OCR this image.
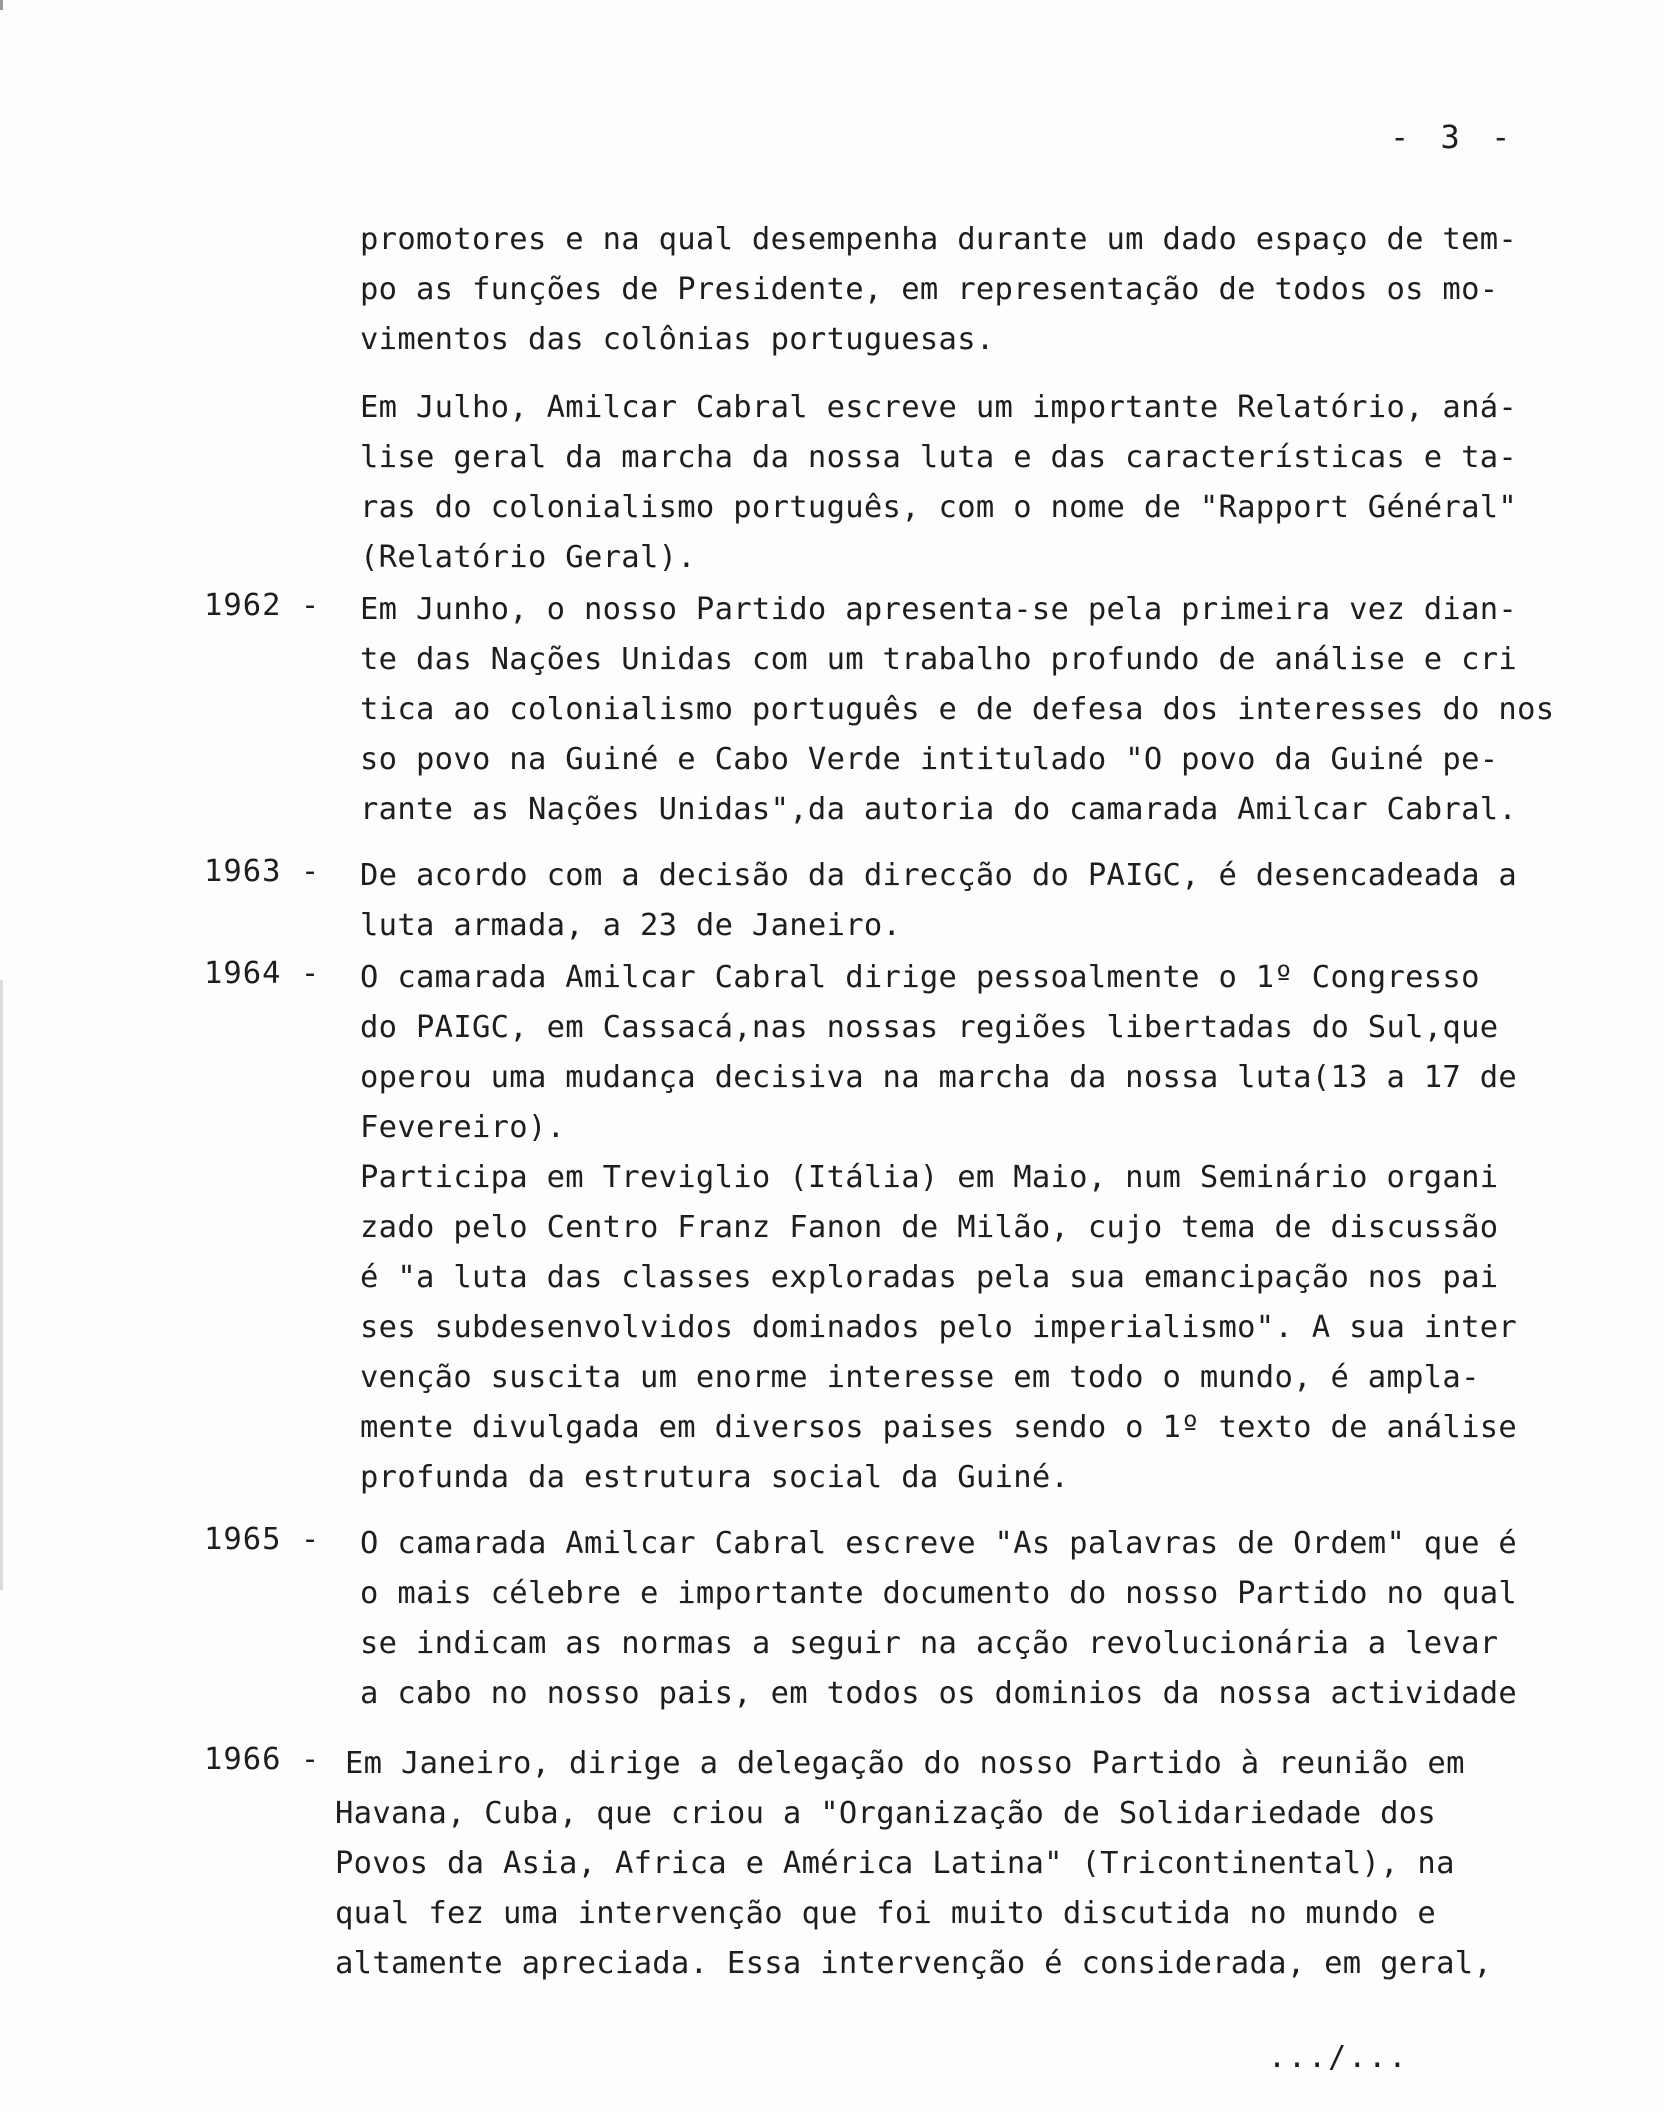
- 3 -
promotores e na qual desempenha durante um dado espaço de tem-
po as funções de Presidente, em representação de todos os mo-
vimentos das colônias portuguesas.
Em Julho, Amilcar Cabral escreve um importante Relatório, aná-
lise geral da marcha da nossa luta e das características e ta-
ras do colonialismo português, com o nome de "Rapport Général"
(Relatório Geral).
1962 - Em Junho, o nosso Partido apresenta-se pela primeira vez dian-
te das Nações Unidas com um trabalho profundo de análise e cri
tica ao colonialismo português e de defesa dos interesses do nos
so povo na Guiné e Cabo Verde intitulado "O povo da Guiné pe-
rante as Nações Unidas",da autoria do camarada Amilcar Cabral.
1963 - De acordo com a decisão da direcção do PAIGC, é desencadeada a
luta armada, a 23 de Janeiro.
1964 - O camarada Amilcar Cabral dirige pessoalmente o 1º Congresso
do PAIGC, em Cassacá,nas nossas regiões libertadas do Sul,que
operou uma mudança decisiva na marcha da nossa luta(13 a 17 de
Fevereiro).
Participa em Treviglio (Itália) em Maio, num Seminário organi
zado pelo Centro Franz Fanon de Milão, cujo tema de discussão
é "a luta das classes exploradas pela sua emancipação nos pai
ses subdesenvolvidos dominados pelo imperialismo". A sua inter
venção suscita um enorme interesse em todo o mundo, é ampla-
mente divulgada em diversos paises sendo o 1º texto de análise
profunda da estrutura social da Guiné.
1965 - O camarada Amilcar Cabral escreve "As palavras de Ordem" que é
o mais célebre e importante documento do nosso Partido no qual
se indicam as normas a seguir na acção revolucionária a levar
a cabo no nosso pais, em todos os dominios da nossa actividade
1966 - Em Janeiro, dirige a delegação do nosso Partido à reunião em
Havana, Cuba, que criou a "Organização de Solidariedade dos
Povos da Asia, Africa e América Latina" (Tricontinental), na
qual fez uma intervenção que foi muito discutida no mundo e
altamente apreciada. Essa intervenção é considerada, em geral,
.../...
